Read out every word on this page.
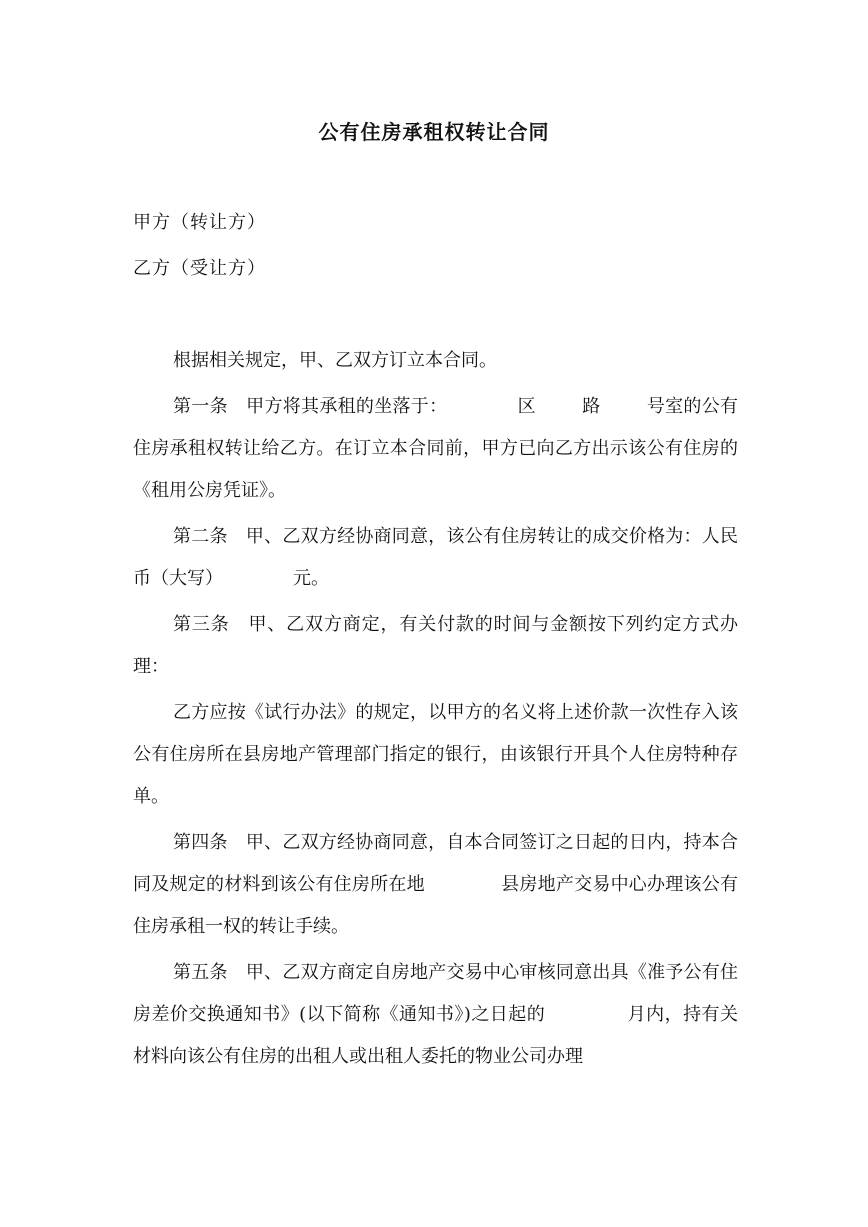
公有住房承租权转让合同
甲方（转让方）
乙方（受让方）

根据相关规定，甲、乙双方订立本合同。

第一条　甲方将其承租的坐落于：	区	路	号室的公有住房承租权转让给乙方。在订立本合同前，甲方已向乙方出示该公有住房的《租用公房凭证》。

第二条　甲、乙双方经协商同意，该公有住房转让的成交价格为：人民币（大写）	元。

第三条　甲、乙双方商定，有关付款的时间与金额按下列约定方式办理：

乙方应按《试行办法》的规定，以甲方的名义将上述价款一次性存入该公有住房所在县房地产管理部门指定的银行，由该银行开具个人住房特种存单。

第四条　甲、乙双方经协商同意，自本合同签订之日起的日内，持本合同及规定的材料到该公有住房所在地	县房地产交易中心办理该公有住房承租一权的转让手续。

第五条　甲、乙双方商定自房地产交易中心审核同意出具《准予公有住房差价交换通知书》(以下简称《通知书》)之日起的	月内，持有关材料向该公有住房的出租人或出租人委托的物业公司办理
